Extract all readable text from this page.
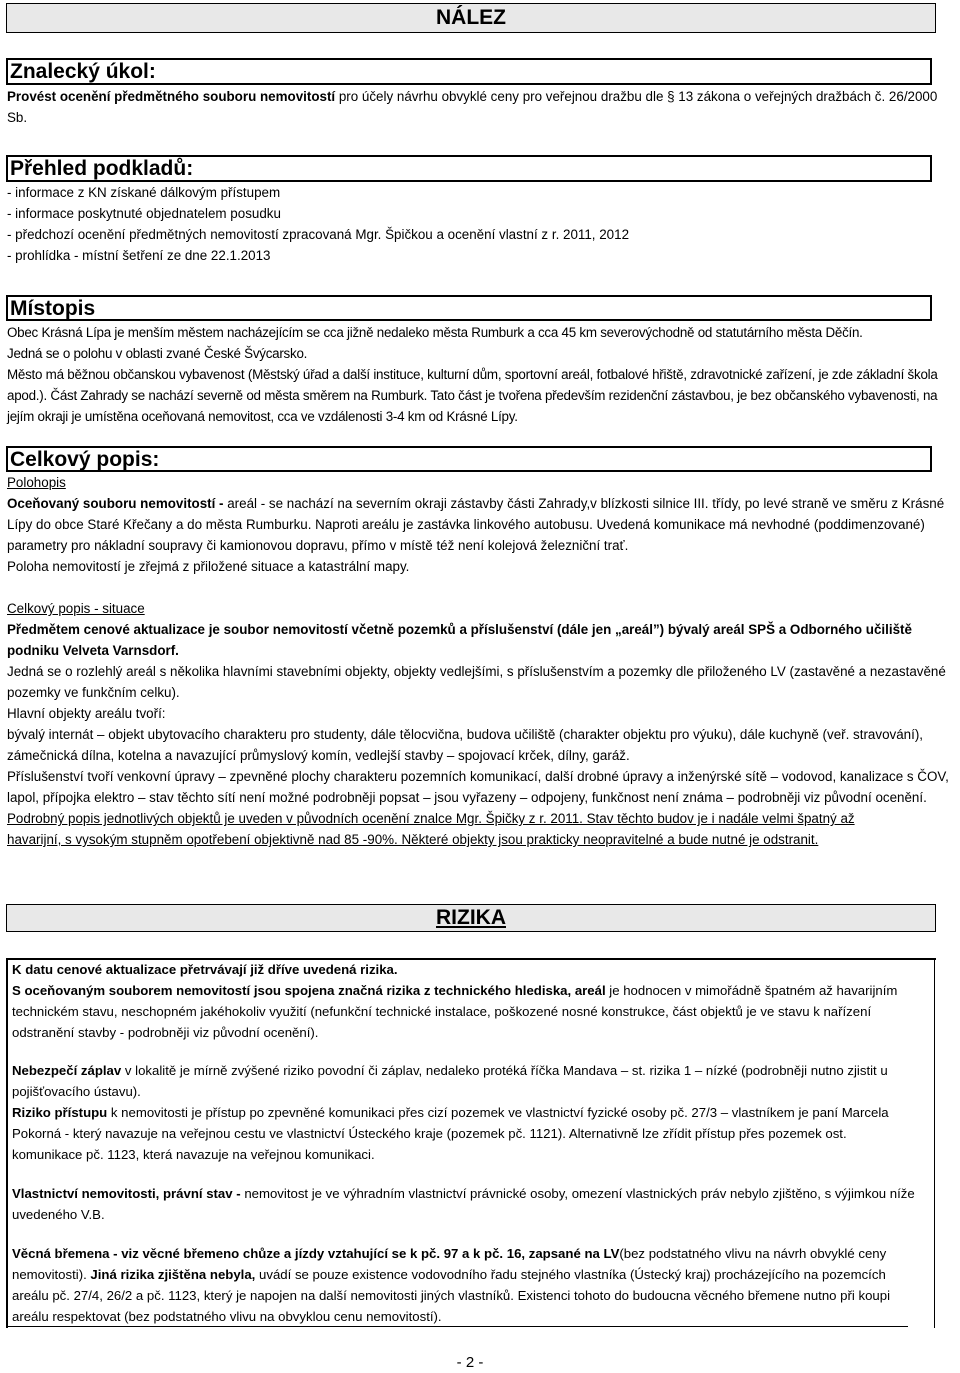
NÁLEZ
Znalecký úkol:

Provést ocenění předmětného souboru nemovitostí pro účely návrhu obvyklé ceny pro veřejnou dražbu dle § 13 zákona o veřejných dražbách č. 26/2000 Sb.

Přehled podkladů:

- informace z KN získané dálkovým přístupem

- informace poskytnuté objednatelem posudku

- předchozí ocenění předmětných nemovitostí zpracovaná Mgr. Špičkou a ocenění vlastní z r. 2011, 2012

- prohlídka - místní šetření ze dne 22.1.2013

Místopis

Obec Krásná Lípa je menším městem nacházejícím se cca jižně nedaleko města Rumburk a cca 45 km severovýchodně od statutárního města Děčín.

Jedná se o polohu v oblasti zvané České Švýcarsko.

Město má běžnou občanskou vybavenost (Městský úřad a další instituce, kulturní dům, sportovní areál, fotbalové hřiště, zdravotnické zařízení, je zde základní škola apod.). Část Zahrady se nachází severně od města směrem na Rumburk. Tato část je tvořena především rezidenční zástavbou, je bez občanského vybavenosti, na jejím okraji je umístěna oceňovaná nemovitost, cca ve vzdálenosti 3-4 km od Krásné Lípy.

Celkový popis:

Polohopis

Oceňovaný souboru nemovitostí - areál - se nachází na severním okraji zástavby části Zahrady,v blízkosti silnice III. třídy, po levé straně ve směru z Krásné Lípy do obce Staré Křečany a do města Rumburku. Naproti areálu je zastávka linkového autobusu. Uvedená komunikace má nevhodné (poddimenzované) parametry pro nákladní soupravy či kamionovou dopravu, přímo v místě též není kolejová železniční trať.

Poloha nemovitostí je zřejmá z přiložené situace a katastrální mapy.

Celkový popis - situace

Předmětem cenové aktualizace je soubor nemovitostí včetně pozemků a příslušenství (dále jen „areál”) bývalý areál SPŠ a Odborného učiliště podniku Velveta Varnsdorf.

Jedná se o rozlehlý areál s několika hlavními stavebními objekty, objekty vedlejšími, s příslušenstvím a pozemky dle přiloženého LV (zastavěné a nezastavěné pozemky ve funkčním celku).

Hlavní objekty areálu tvoří:

bývalý internát – objekt ubytovacího charakteru pro studenty, dále tělocvična, budova učiliště (charakter objektu pro výuku), dále kuchyně (veř. stravování), zámečnická dílna, kotelna a navazující průmyslový komín, vedlejší stavby – spojovací krček, dílny, garáž.

Příslušenství tvoří venkovní úpravy – zpevněné plochy charakteru pozemních komunikací, další drobné úpravy a inženýrské sítě – vodovod, kanalizace s ČOV, lapol, přípojka elektro – stav těchto sítí není možné podrobněji popsat – jsou vyřazeny – odpojeny, funkčnost není známa – podrobněji viz původní ocenění.

Podrobný popis jednotlivých objektů je uveden v původních ocenění znalce Mgr. Špičky z r. 2011. Stav těchto budov je i nadále velmi špatný až havarijní, s vysokým stupněm opotřebení objektivně nad 85 -90%. Některé objekty jsou prakticky neopravitelné a bude nutné je odstranit.

RIZIKA

K datu cenové aktualizace přetrvávají již dříve uvedená rizika.

S oceňovaným souborem nemovitostí jsou spojena značná rizika z technického hlediska, areál je hodnocen v mimořádně špatném až havarijním technickém stavu, neschopném jakéhokoliv využití (nefunkční technické instalace, poškozené nosné konstrukce, část objektů je ve stavu k nařízení odstranění stavby - podrobněji viz původní ocenění).

Nebezpečí záplav v lokalitě je mírně zvýšené riziko povodní či záplav, nedaleko protéká říčka Mandava – st. rizika 1 – nízké (podrobněji nutno zjistit u pojišťovacího ústavu).

Riziko přístupu k nemovitosti je přístup po zpevněné komunikaci přes cizí pozemek ve vlastnictví fyzické osoby pč. 27/3 – vlastníkem je paní Marcela Pokorná - který navazuje na veřejnou cestu ve vlastnictví Ústeckého kraje (pozemek pč. 1121). Alternativně lze zřídit přístup přes pozemek ost. komunikace pč. 1123, která navazuje na veřejnou komunikaci.

Vlastnictví nemovitosti, právní stav - nemovitost je ve výhradním vlastnictví právnické osoby, omezení vlastnických práv nebylo zjištěno, s výjimkou níže uvedeného V.B.

Věcná břemena - viz věcné břemeno chůze a jízdy vztahující se k pč. 97 a k pč. 16, zapsané na LV(bez podstatného vlivu na návrh obvyklé ceny nemovitosti). Jiná rizika zjištěna nebyla, uvádí se pouze existence vodovodního řadu stejného vlastníka (Ústecký kraj) procházejícího na pozemcích areálu pč. 27/4, 26/2 a pč. 1123, který je napojen na další nemovitosti jiných vlastníků. Existenci tohoto do budoucna věcného břemene nutno při koupi areálu respektovat (bez podstatného vlivu na obvyklou cenu nemovitostí).

- 2 -
